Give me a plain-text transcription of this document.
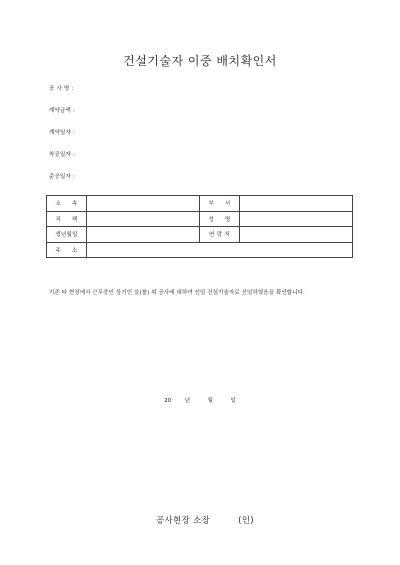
건설기술자 이중 배치확인서
공 사 명 :
계약금액 :
계약일자 :
착공일자 :
준공일자 :
소 속		부 서	
직 책		성 명	
생년월일		연 락 처	
주 소			
기존 타 현장에서 근무중인 상기인 을(를) 위 공사에 대하여 선임 건설기술자로 선임하였음을 확인합니다.
20 년	월	일
공사현장 소장	(인)
